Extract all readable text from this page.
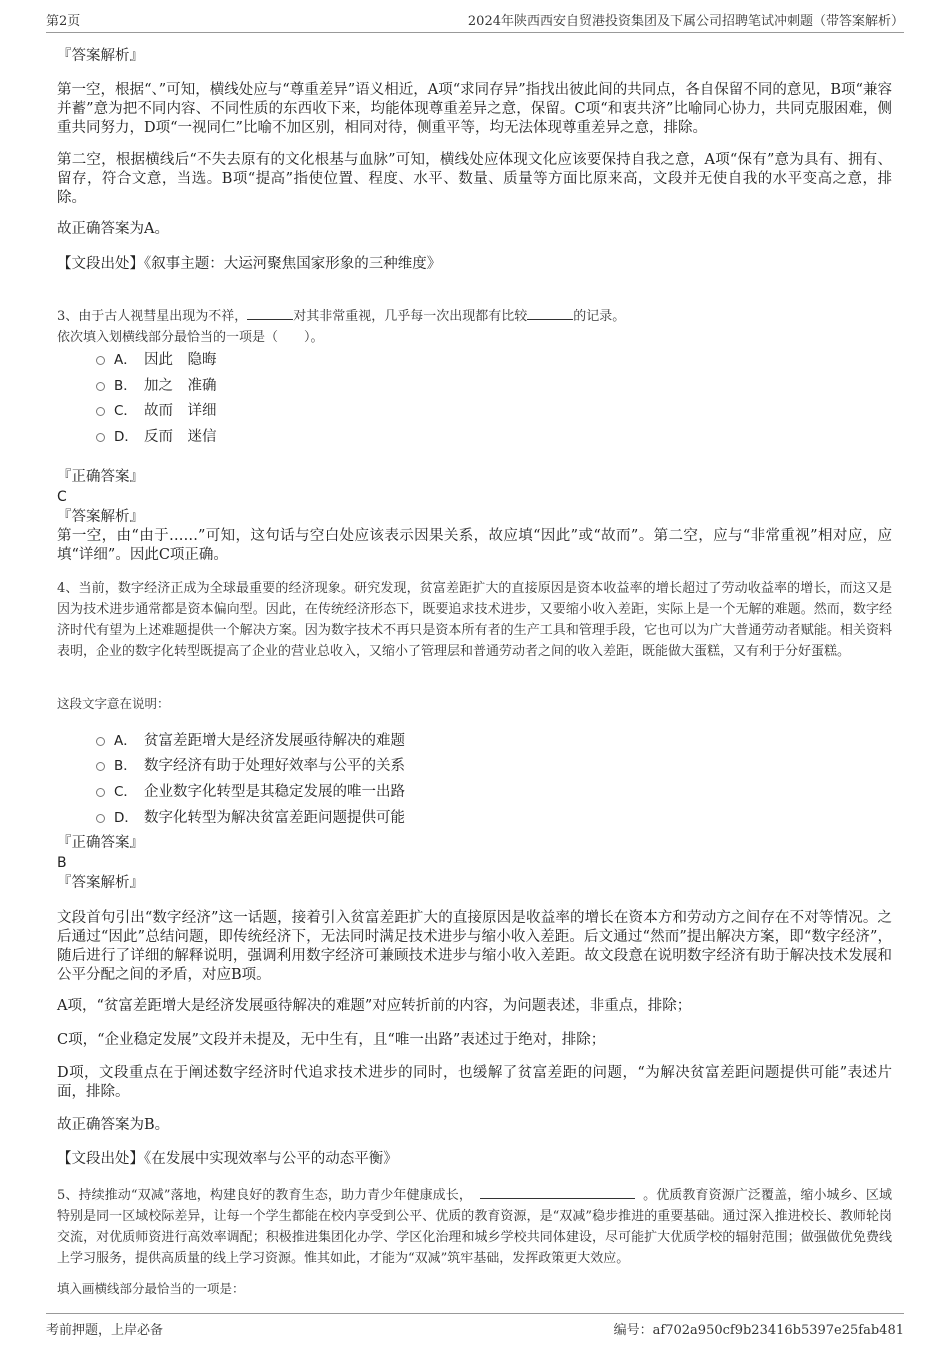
第2页	2024年陕西西安自贸港投资集团及下属公司招聘笔试冲刺题（带答案解析）

『答案解析』

第一空，根据“、”可知，横线处应与“尊重差异”语义相近，A项“求同存异”指找出彼此间的共同点，各自保留不同的意见，B项“兼容并蓄”意为把不同内容、不同性质的东西收下来，均能体现尊重差异之意，保留。C项“和衷共济”比喻同心协力，共同克服困难，侧重共同努力，D项“一视同仁”比喻不加区别，相同对待，侧重平等，均无法体现尊重差异之意，排除。

第二空，根据横线后“不失去原有的文化根基与血脉”可知，横线处应体现文化应该要保持自我之意，A项“保有”意为具有、拥有、留存，符合文意，当选。B项“提高”指使位置、程度、水平、数量、质量等方面比原来高，文段并无使自我的水平变高之意，排除。

故正确答案为A。

【文段出处】《叙事主题：大运河聚焦国家形象的三种维度》

3、由于古人视彗星出现为不祥，	对其非常重视，几乎每一次出现都有比较	的记录。

依次填入划横线部分最恰当的一项是（　　）。

A． 因此　隐晦
B． 加之　准确
C． 故而　详细
D． 反而　迷信

『正确答案』

C

『答案解析』

第一空，由“由于……”可知，这句话与空白处应该表示因果关系，故应填“因此”或“故而”。第二空，应与“非常重视”相对应，应填“详细”。因此C项正确。

4、当前，数字经济正成为全球最重要的经济现象。研究发现，贫富差距扩大的直接原因是资本收益率的增长超过了劳动收益率的增长，而这又是因为技术进步通常都是资本偏向型。因此，在传统经济形态下，既要追求技术进步，又要缩小收入差距，实际上是一个无解的难题。然而，数字经济时代有望为上述难题提供一个解决方案。因为数字技术不再只是资本所有者的生产工具和管理手段，它也可以为广大普通劳动者赋能。相关资料表明，企业的数字化转型既提高了企业的营业总收入，又缩小了管理层和普通劳动者之间的收入差距，既能做大蛋糕，又有利于分好蛋糕。

这段文字意在说明：

A． 贫富差距增大是经济发展亟待解决的难题
B． 数字经济有助于处理好效率与公平的关系
C． 企业数字化转型是其稳定发展的唯一出路
D． 数字化转型为解决贫富差距问题提供可能

『正确答案』

B

『答案解析』

文段首句引出“数字经济”这一话题，接着引入贫富差距扩大的直接原因是收益率的增长在资本方和劳动方之间存在不对等情况。之后通过“因此”总结问题，即传统经济下，无法同时满足技术进步与缩小收入差距。后文通过“然而”提出解决方案，即“数字经济”，随后进行了详细的解释说明，强调利用数字经济可兼顾技术进步与缩小收入差距。故文段意在说明数字经济有助于解决技术发展和公平分配之间的矛盾，对应B项。

A项，“贫富差距增大是经济发展亟待解决的难题”对应转折前的内容，为问题表述，非重点，排除；

C项，“企业稳定发展”文段并未提及，无中生有，且“唯一出路”表述过于绝对，排除；

D项，文段重点在于阐述数字经济时代追求技术进步的同时，也缓解了贫富差距的问题，“为解决贫富差距问题提供可能”表述片面，排除。

故正确答案为B。

【文段出处】《在发展中实现效率与公平的动态平衡》

5、持续推动“双减”落地，构建良好的教育生态，助力青少年健康成长，	。优质教育资源广泛覆盖，缩小城乡、区域特别是同一区域校际差异，让每一个学生都能在校内享受到公平、优质的教育资源，是“双减”稳步推进的重要基础。通过深入推进校长、教师轮岗交流，对优质师资进行高效率调配；积极推进集团化办学、学区化治理和城乡学校共同体建设，尽可能扩大优质学校的辐射范围；做强做优免费线上学习服务，提供高质量的线上学习资源。惟其如此，才能为“双减”筑牢基础，发挥政策更大效应。

填入画横线部分最恰当的一项是：

考前押题，上岸必备	编号：af702a950cf9b23416b5397e25fab481
